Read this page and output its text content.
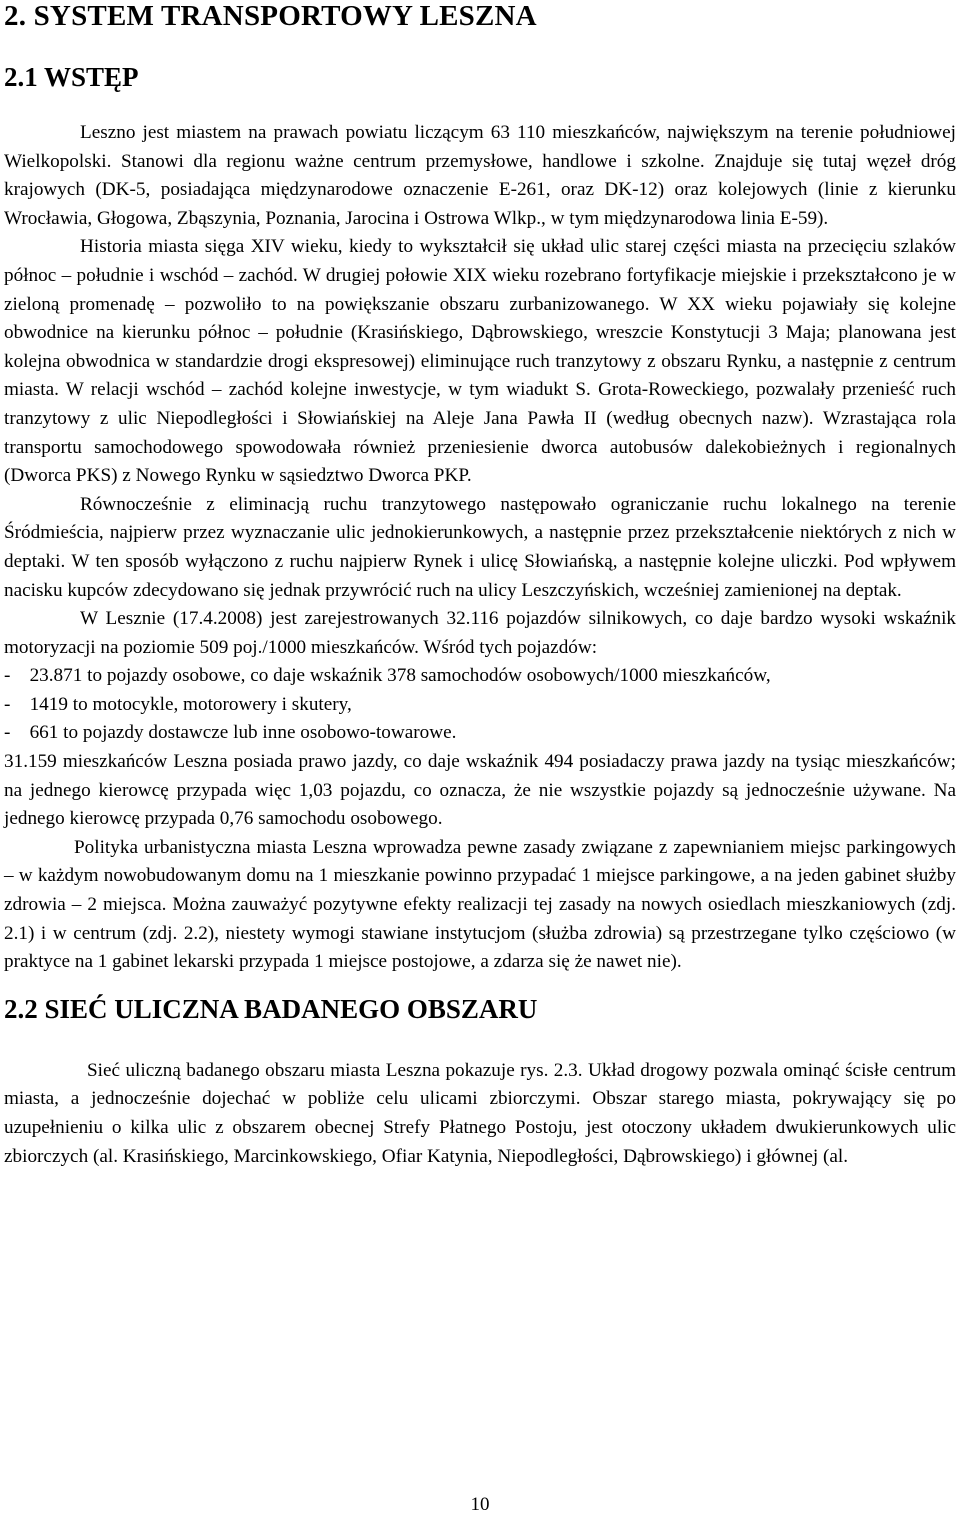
2. SYSTEM TRANSPORTOWY LESZNA
2.1 WSTĘP

Leszno jest miastem na prawach powiatu liczącym 63 110 mieszkańców, największym na terenie południowej Wielkopolski. Stanowi dla regionu ważne centrum przemysłowe, handlowe i szkolne. Znajduje się tutaj węzeł dróg krajowych (DK-5, posiadająca międzynarodowe oznaczenie E-261, oraz DK-12) oraz kolejowych (linie z kierunku Wrocławia, Głogowa, Zbąszynia, Poznania, Jarocina i Ostrowa Wlkp., w tym międzynarodowa linia E-59).

Historia miasta sięga XIV wieku, kiedy to wykształcił się układ ulic starej części miasta na przecięciu szlaków północ – południe i wschód – zachód. W drugiej połowie XIX wieku rozebrano fortyfikacje miejskie i przekształcono je w zieloną promenadę – pozwoliło to na powiększanie obszaru zurbanizowanego. W XX wieku pojawiały się kolejne obwodnice na kierunku północ – południe (Krasińskiego, Dąbrowskiego, wreszcie Konstytucji 3 Maja; planowana jest kolejna obwodnica w standardzie drogi ekspresowej) eliminujące ruch tranzytowy z obszaru Rynku, a następnie z centrum miasta. W relacji wschód – zachód kolejne inwestycje, w tym wiadukt S. Grota-Roweckiego, pozwalały przenieść ruch tranzytowy z ulic Niepodległości i Słowiańskiej na Aleje Jana Pawła II (według obecnych nazw). Wzrastająca rola transportu samochodowego spowodowała również przeniesienie dworca autobusów dalekobieżnych i regionalnych (Dworca PKS) z Nowego Rynku w sąsiedztwo Dworca PKP.

Równocześnie z eliminacją ruchu tranzytowego następowało ograniczanie ruchu lokalnego na terenie Śródmieścia, najpierw przez wyznaczanie ulic jednokierunkowych, a następnie przez przekształcenie niektórych z nich w deptaki. W ten sposób wyłączono z ruchu najpierw Rynek i ulicę Słowiańską, a następnie kolejne uliczki. Pod wpływem nacisku kupców zdecydowano się jednak przywrócić ruch na ulicy Leszczyńskich, wcześniej zamienionej na deptak.

W Lesznie (17.4.2008) jest zarejestrowanych 32.116 pojazdów silnikowych, co daje bardzo wysoki wskaźnik motoryzacji na poziomie 509 poj./1000 mieszkańców. Wśród tych pojazdów:

-    23.871 to pojazdy osobowe, co daje wskaźnik 378 samochodów osobowych/1000 mieszkańców,

-    1419 to motocykle, motorowery i skutery,

-    661 to pojazdy dostawcze lub inne osobowo-towarowe.

31.159 mieszkańców Leszna posiada prawo jazdy, co daje wskaźnik 494 posiadaczy prawa jazdy na tysiąc mieszkańców; na jednego kierowcę przypada więc 1,03 pojazdu, co oznacza, że nie wszystkie pojazdy są jednocześnie używane. Na jednego kierowcę przypada 0,76 samochodu osobowego.

Polityka urbanistyczna miasta Leszna wprowadza pewne zasady związane z zapewnianiem miejsc parkingowych – w każdym nowobudowanym domu na 1 mieszkanie powinno przypadać 1 miejsce parkingowe, a na jeden gabinet służby zdrowia – 2 miejsca. Można zauważyć pozytywne efekty realizacji tej zasady na nowych osiedlach mieszkaniowych (zdj. 2.1) i w centrum (zdj. 2.2), niestety wymogi stawiane instytucjom (służba zdrowia) są przestrzegane tylko częściowo (w praktyce na 1 gabinet lekarski przypada 1 miejsce postojowe, a zdarza się że nawet nie).

2.2 SIEĆ ULICZNA BADANEGO OBSZARU

Sieć uliczną badanego obszaru miasta Leszna pokazuje rys. 2.3. Układ drogowy pozwala ominąć ścisłe centrum miasta, a jednocześnie dojechać w pobliże celu ulicami zbiorczymi. Obszar starego miasta, pokrywający się po uzupełnieniu o kilka ulic z obszarem obecnej Strefy Płatnego Postoju, jest otoczony układem dwukierunkowych ulic zbiorczych (al. Krasińskiego, Marcinkowskiego, Ofiar Katynia, Niepodległości, Dąbrowskiego) i głównej (al.

10
